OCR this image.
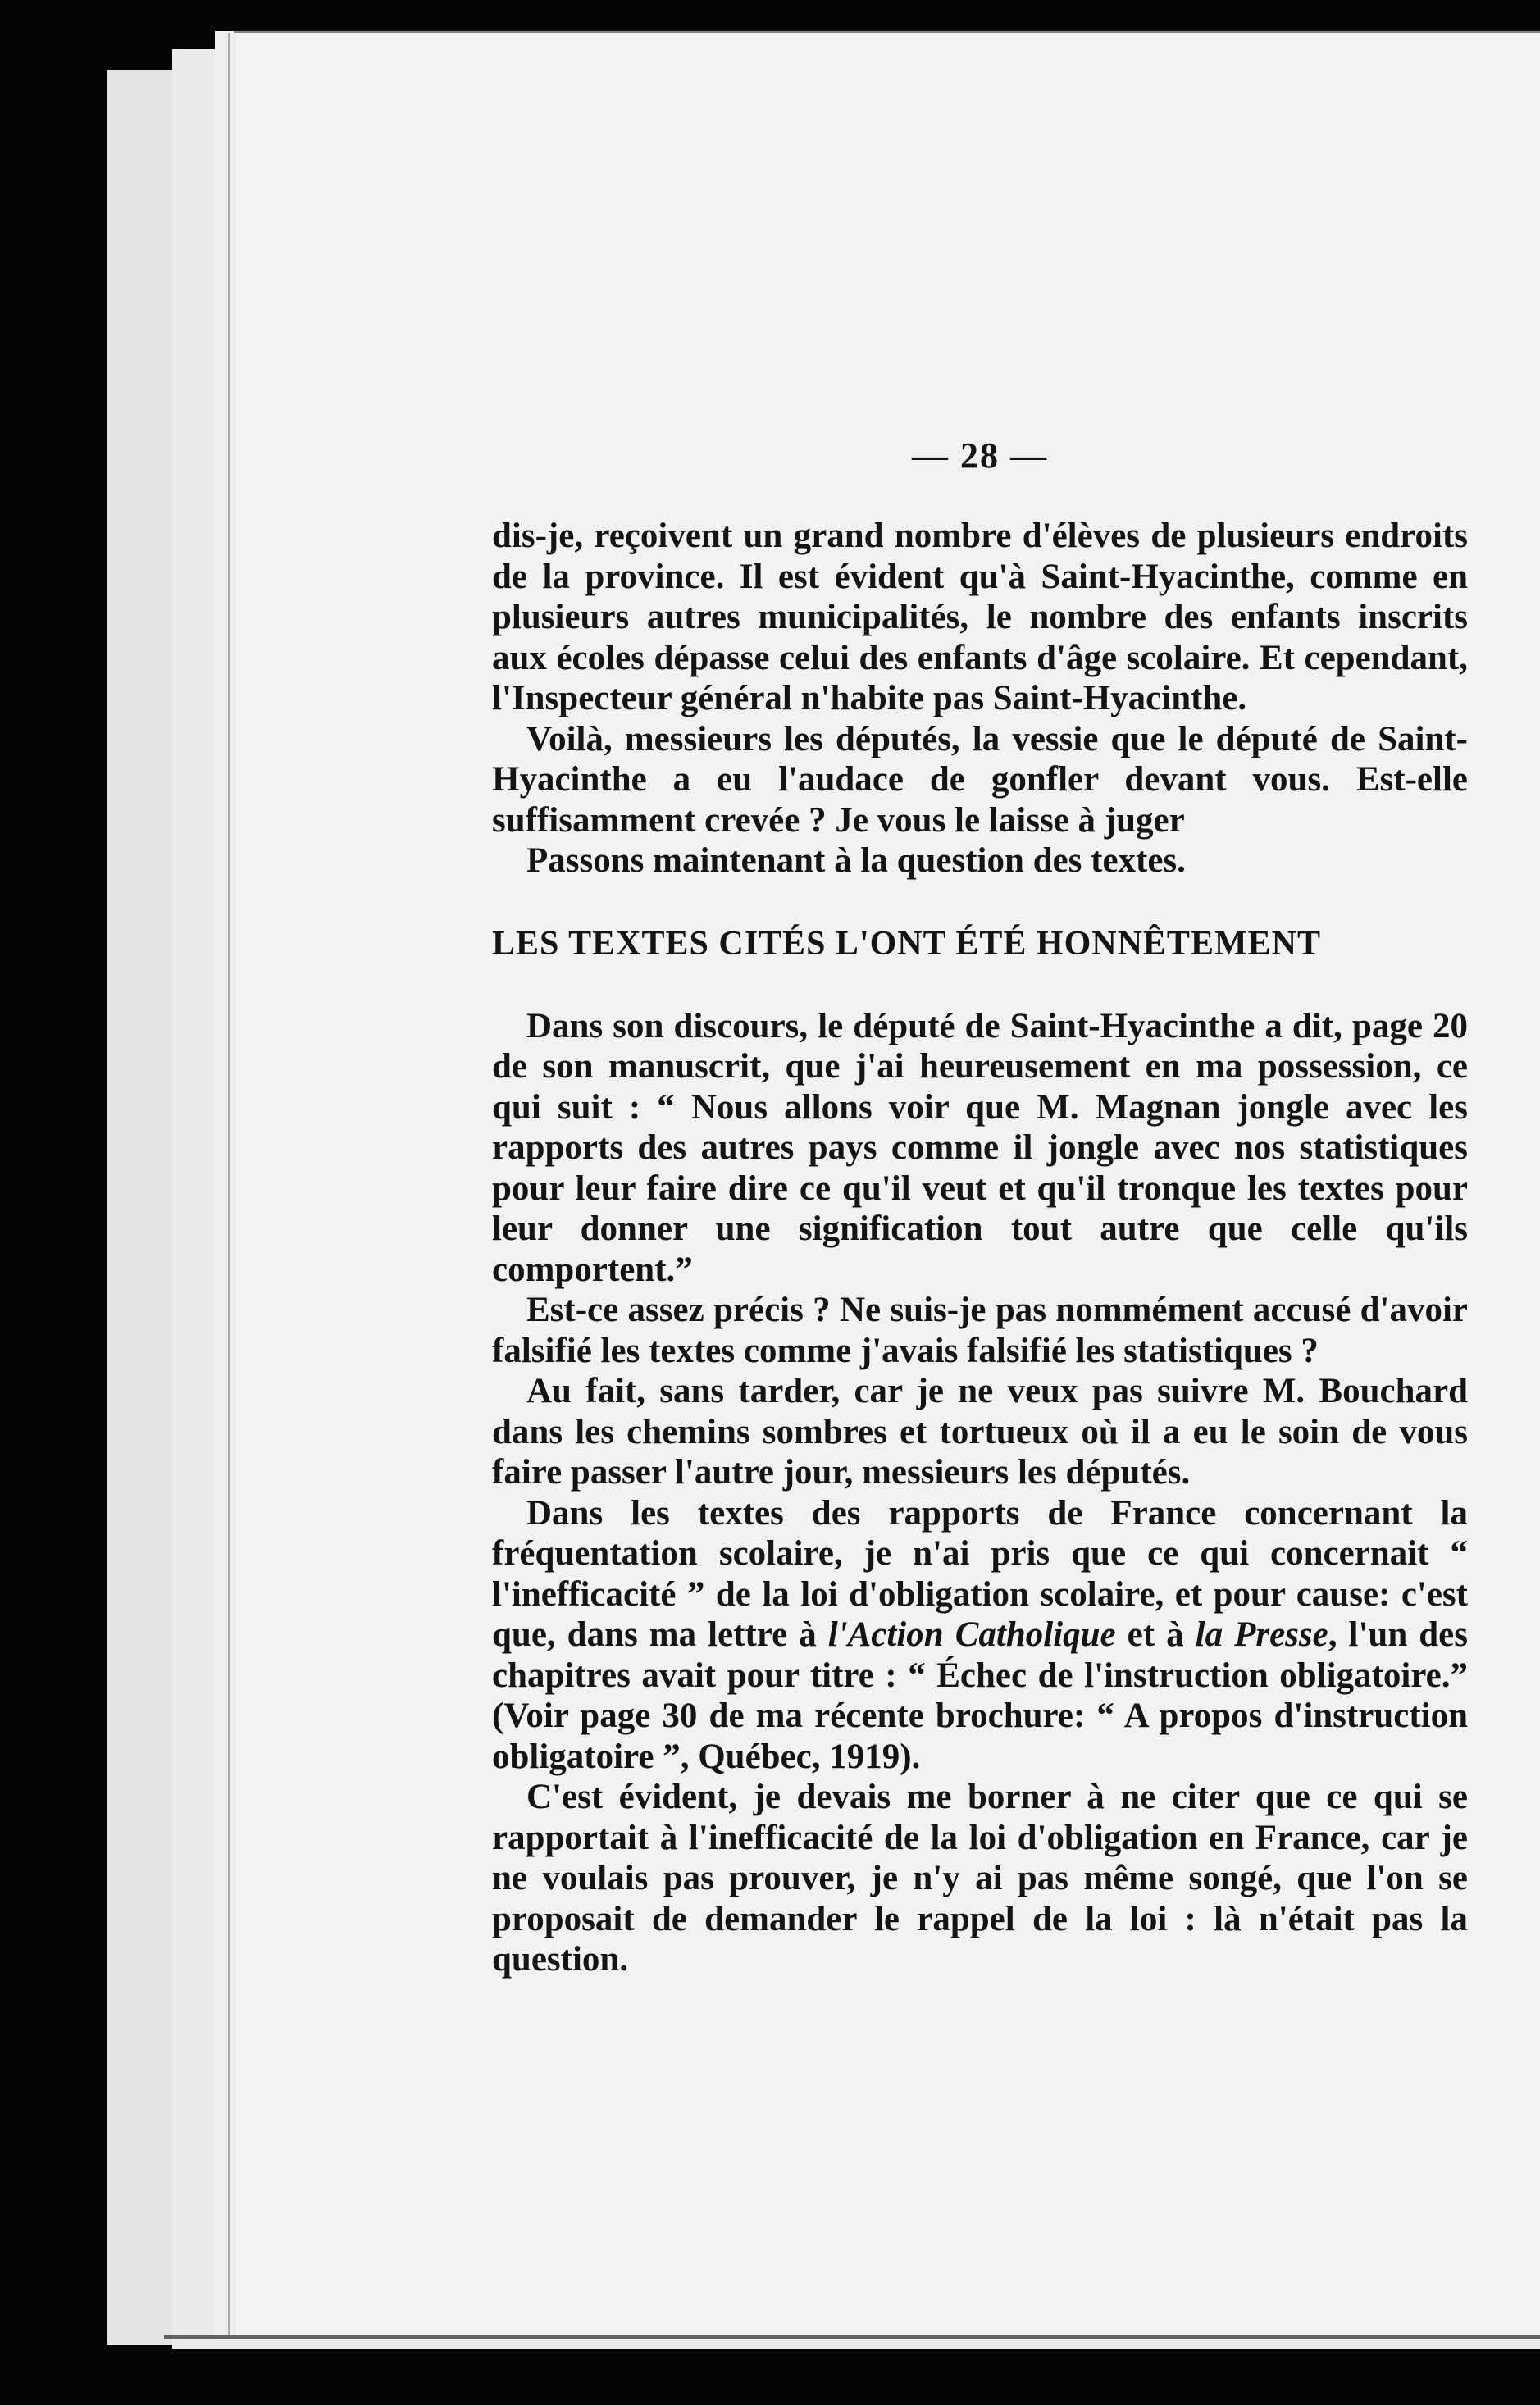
— 28 —

dis-je, reçoivent un grand nombre d'élèves de plusieurs endroits de la province. Il est évident qu'à Saint-Hyacinthe, comme en plusieurs autres municipalités, le nombre des enfants inscrits aux écoles dépasse celui des enfants d'âge scolaire. Et cependant, l'Inspecteur général n'habite pas Saint-Hyacinthe.

Voilà, messieurs les députés, la vessie que le député de Saint-Hyacinthe a eu l'audace de gonfler devant vous. Est-elle suffisamment crevée ? Je vous le laisse à juger

Passons maintenant à la question des textes.

LES TEXTES CITÉS L'ONT ÉTÉ HONNÊTEMENT

Dans son discours, le député de Saint-Hyacinthe a dit, page 20 de son manuscrit, que j'ai heureusement en ma possession, ce qui suit : “ Nous allons voir que M. Magnan jongle avec les rapports des autres pays comme il jongle avec nos statistiques pour leur faire dire ce qu'il veut et qu'il tronque les textes pour leur donner une signification tout autre que celle qu'ils comportent.”

Est-ce assez précis ? Ne suis-je pas nommément accusé d'avoir falsifié les textes comme j'avais falsifié les statistiques ?

Au fait, sans tarder, car je ne veux pas suivre M. Bouchard dans les chemins sombres et tortueux où il a eu le soin de vous faire passer l'autre jour, messieurs les députés.

Dans les textes des rapports de France concernant la fréquentation scolaire, je n'ai pris que ce qui concernait “ l'inefficacité ” de la loi d'obligation scolaire, et pour cause: c'est que, dans ma lettre à l'Action Catholique et à la Presse, l'un des chapitres avait pour titre : “ Échec de l'instruction obligatoire.” (Voir page 30 de ma récente brochure: “ A propos d'instruction obligatoire ”, Québec, 1919).

C'est évident, je devais me borner à ne citer que ce qui se rapportait à l'inefficacité de la loi d'obligation en France, car je ne voulais pas prouver, je n'y ai pas même songé, que l'on se proposait de demander le rappel de la loi : là n'était pas la question.
